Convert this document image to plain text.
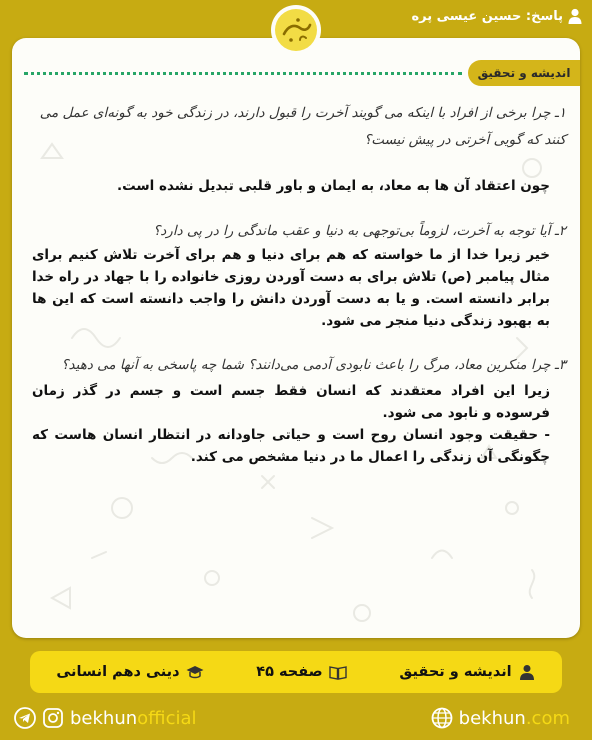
پاسخ: حسین عیسی پره
اندیشه و تحقیق
۱ـ چرا برخی از افراد با اینکه می گویند آخرت را قبول دارند، در زندگی خود به گونه‌ای عمل می کنند که گویی آخرتی در پیش نیست؟

چون اعتقاد آن ها به معاد، به ایمان و باور قلبی تبدیل نشده است.

۲ـ آیا توجه به آخرت، لزوماً بی‌توجهی به دنیا و عقب ماندگی را در پی دارد؟

خیر زیرا خدا از ما خواسته که هم برای دنیا و هم برای آخرت تلاش کنیم برای مثال پیامبر (ص) تلاش برای به دست آوردن روزی خانواده را با جهاد در راه خدا برابر دانسته است. و یا به دست آوردن دانش را واجب دانسته است که این ها به بهبود زندگی دنیا منجر می شود.

۳ـ چرا منکرین معاد، مرگ را باعث نابودی آدمی می‌دانند؟ شما چه پاسخی به آنها می دهید؟

زیرا این افراد معتقدند که انسان فقط جسم است و جسم در گذر زمان فرسوده و نابود می شود.

- حقیقت وجود انسان روح است و حیاتی جاودانه در انتظار انسان هاست که چگونگی آن زندگی را اعمال ما در دنیا مشخص می کند.

اندیشه و تحقیق
صفحه ۴۵
دینی دهم انسانی
bekhunofficial	bekhun.com
